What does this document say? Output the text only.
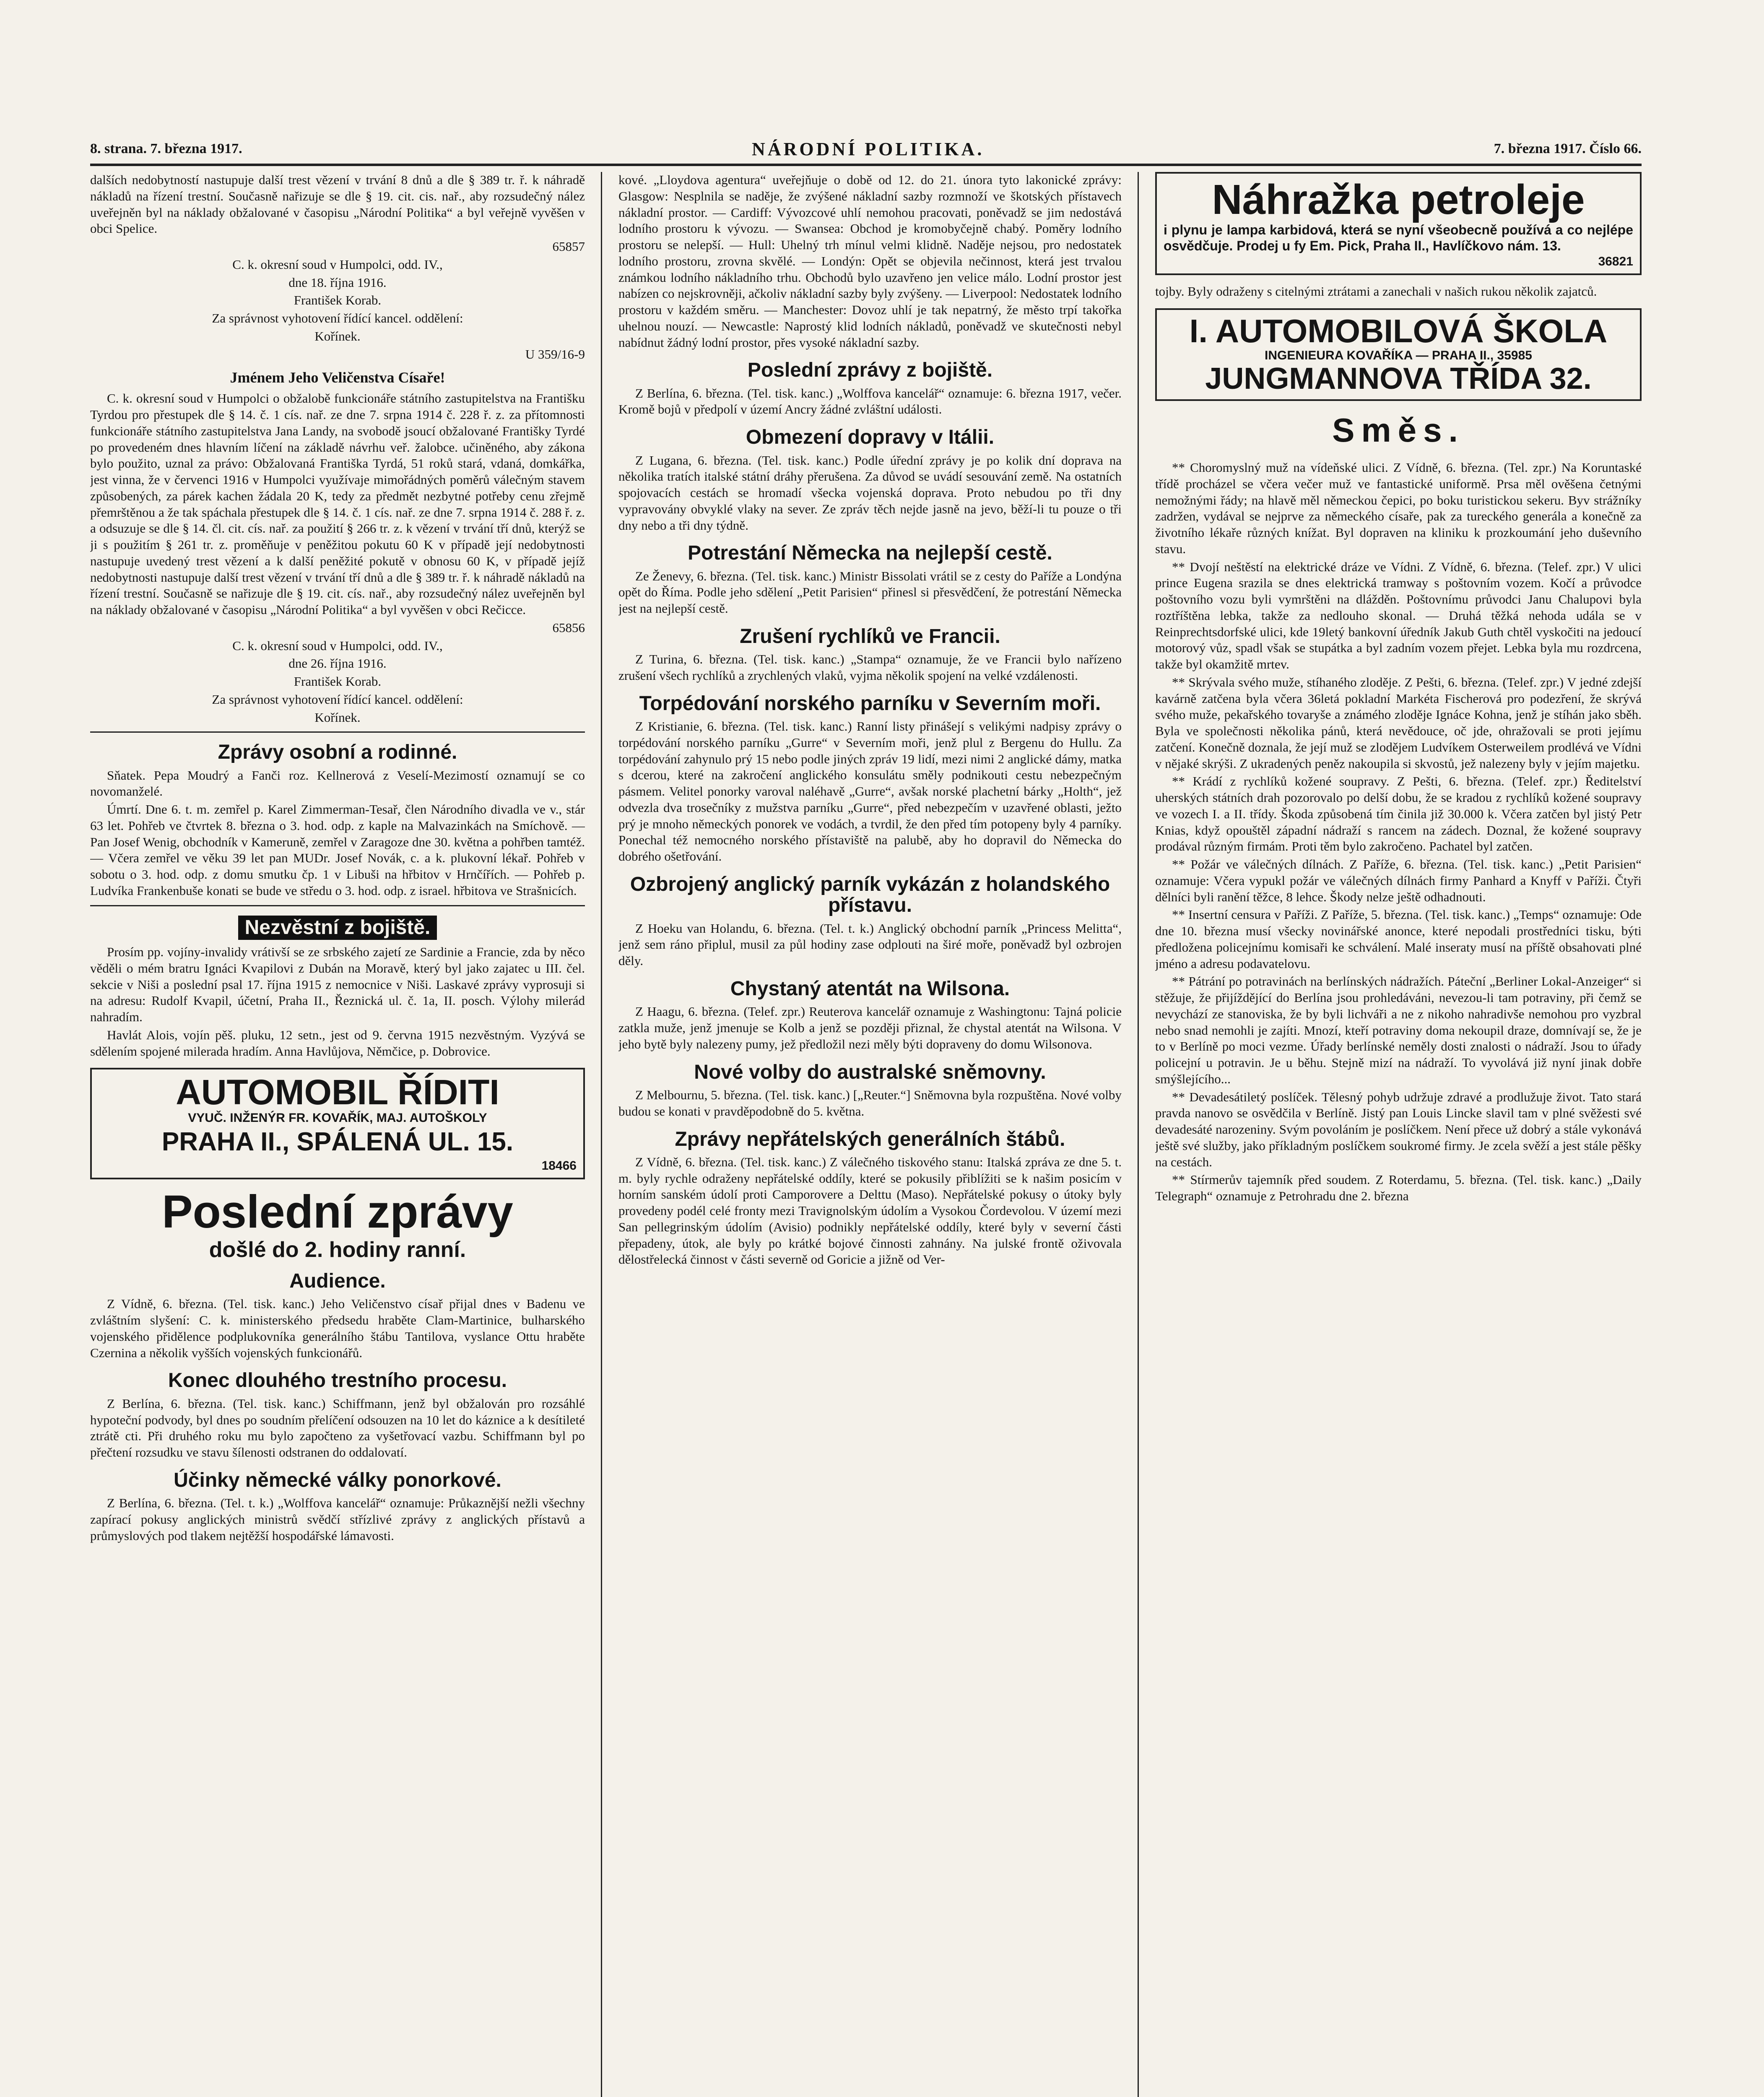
8. strana. 7. března 1917.	NÁRODNÍ POLITIKA.	7. března 1917. Číslo 66.

dalších nedobytností nastupuje další trest vězení v trvání 8 dnů a dle § 389 tr. ř. k náhradě nákladů na řízení trestní. Současně nařizuje se dle § 19. cit. cis. nař., aby rozsudečný nález uveřejněn byl na náklady obžalované v časopisu „Národní Politika“ a byl veřejně vyvěšen v obci Spelice.

65857

C. k. okresní soud v Humpolci, odd. IV.,

dne 18. října 1916.

František Korab.

Za správnost vyhotovení řídící kancel. oddělení:

Kořínek.

U 359/16-9

Jménem Jeho Veličenstva Císaře!

C. k. okresní soud v Humpolci o obžalobě funkcionáře státního zastupitelstva na Františku Tyrdou pro přestupek dle § 14. č. 1 cís. nař. ze dne 7. srpna 1914 č. 228 ř. z. za přítomnosti funkcionáře státního zastupitelstva Jana Landy, na svobodě jsoucí obžalované Františky Tyrdé po provedeném dnes hlavním líčení na základě návrhu veř. žalobce. učiněného, aby zákona bylo použito, uznal za právo: Obžalovaná Františka Tyrdá, 51 roků stará, vdaná, domkářka, jest vinna, že v červenci 1916 v Humpolci využívaje mimořádných poměrů válečným stavem způsobených, za párek kachen žádala 20 K, tedy za předmět nezbytné potřeby cenu zřejmě přemrštěnou a že tak spáchala přestupek dle § 14. č. 1 cís. nař. ze dne 7. srpna 1914 č. 288 ř. z. a odsuzuje se dle § 14. čl. cit. cís. nař. za použití § 266 tr. z. k vězení v trvání tří dnů, kterýž se ji s použitím § 261 tr. z. proměňuje v peněžitou pokutu 60 K v případě její nedobytnosti nastupuje uvedený trest vězení a k další peněžité pokutě v obnosu 60 K, v případě jejíž nedobytnosti nastupuje další trest vězení v trvání tří dnů a dle § 389 tr. ř. k náhradě nákladů na řízení trestní. Současně se nařizuje dle § 19. cit. cís. nař., aby rozsudečný nález uveřejněn byl na náklady obžalované v časopisu „Národní Politika“ a byl vyvěšen v obci Rečicce.

65856

C. k. okresní soud v Humpolci, odd. IV.,

dne 26. října 1916.

František Korab.

Za správnost vyhotovení řídící kancel. oddělení:

Kořínek.

Zprávy osobní a rodinné.

Sňatek. Pepa Moudrý a Fanči roz. Kellnerová z Veselí-Mezimostí oznamují se co novomanželé.

Úmrtí. Dne 6. t. m. zemřel p. Karel Zimmerman-Tesař, člen Národního divadla ve v., stár 63 let. Pohřeb ve čtvrtek 8. března o 3. hod. odp. z kaple na Malvazinkách na Smíchově. — Pan Josef Wenig, obchodník v Kameruně, zemřel v Zaragoze dne 30. května a pohřben tamtéž. — Včera zemřel ve věku 39 let pan MUDr. Josef Novák, c. a k. plukovní lékař. Pohřeb v sobotu o 3. hod. odp. z domu smutku čp. 1 v Libuši na hřbitov v Hrnčířích. — Pohřeb p. Ludvíka Frankenbuše konati se bude ve středu o 3. hod. odp. z israel. hřbitova ve Strašnicích.

Nezvěstní z bojiště.

Prosím pp. vojíny-invalidy vrátivší se ze srbského zajetí ze Sardinie a Francie, zda by něco věděli o mém bratru Ignáci Kvapilovi z Dubán na Moravě, který byl jako zajatec u III. čel. sekcie v Niši a poslední psal 17. října 1915 z nemocnice v Niši. Laskavé zprávy vyprosuji si na adresu: Rudolf Kvapil, účetní, Praha II., Řeznická ul. č. 1a, II. posch. Výlohy milerád nahradím.

Havlát Alois, vojín pěš. pluku, 12 setn., jest od 9. června 1915 nezvěstným. Vyzývá se sdělením spojené milerada hradím. Anna Havlůjova, Němčice, p. Dobrovice.

AUTOMOBIL ŘÍDITI
VYUČ. INŽENÝR FR. KOVAŘÍK, MAJ. AUTOŠKOLY
PRAHA II., SPÁLENÁ UL. 15.
18466
Poslední zprávy
došlé do 2. hodiny ranní.
Audience.

Z Vídně, 6. března. (Tel. tisk. kanc.) Jeho Veličenstvo císař přijal dnes v Badenu ve zvláštním slyšení: C. k. ministerského předsedu hraběte Clam-Martinice, bulharského vojenského přidělence podplukovníka generálního štábu Tantilova, vyslance Ottu hraběte Czernina a několik vyšších vojenských funkcionářů.

Konec dlouhého trestního procesu.

Z Berlína, 6. března. (Tel. tisk. kanc.) Schiffmann, jenž byl obžalován pro rozsáhlé hypoteční podvody, byl dnes po soudním přelíčení odsouzen na 10 let do káznice a k desítileté ztrátě cti. Při druhého roku mu bylo započteno za vyšetřovací vazbu. Schiffmann byl po přečtení rozsudku ve stavu šílenosti odstranen do oddalovatí.

Účinky německé války ponorkové.

Z Berlína, 6. března. (Tel. t. k.) „Wolffova kancelář“ oznamuje: Průkaznější nežli všechny zapírací pokusy anglických ministrů svědčí střízlivé zprávy z anglických přístavů a průmyslových pod tlakem nejtěžší hospodářské lámavosti.

kové. „Lloydova agentura“ uveřejňuje o době od 12. do 21. února tyto lakonické zprávy: Glasgow: Nesplnila se naděje, že zvýšené nákladní sazby rozmnoží ve škotských přístavech nákladní prostor. — Cardiff: Vývozcové uhlí nemohou pracovati, poněvadž se jim nedostává lodního prostoru k vývozu. — Swansea: Obchod je kromobyčejně chabý. Poměry lodního prostoru se nelepší. — Hull: Uhelný trh mínul velmi klidně. Naděje nejsou, pro nedostatek lodního prostoru, zrovna skvělé. — Londýn: Opět se objevila nečinnost, která jest trvalou známkou lodního nákladního trhu. Obchodů bylo uzavřeno jen velice málo. Lodní prostor jest nabízen co nejskrovněji, ačkoliv nákladní sazby byly zvýšeny. — Liverpool: Nedostatek lodního prostoru v každém směru. — Manchester: Dovoz uhlí je tak nepatrný, že město trpí takořka uhelnou nouzí. — Newcastle: Naprostý klid lodních nákladů, poněvadž ve skutečnosti nebyl nabídnut žádný lodní prostor, přes vysoké nákladní sazby.

Poslední zprávy z bojiště.

Z Berlína, 6. března. (Tel. tisk. kanc.) „Wolffova kancelář“ oznamuje: 6. března 1917, večer. Kromě bojů v předpolí v území Ancry žádné zvláštní události.

Obmezení dopravy v Itálii.

Z Lugana, 6. března. (Tel. tisk. kanc.) Podle úřední zprávy je po kolik dní doprava na několika tratích italské státní dráhy přerušena. Za důvod se uvádí sesouvání země. Na ostatních spojovacích cestách se hromadí všecka vojenská doprava. Proto nebudou po tři dny vypravovány obvyklé vlaky na sever. Ze zpráv těch nejde jasně na jevo, běží-li tu pouze o tři dny nebo a tři dny týdně.

Potrestání Německa na nejlepší cestě.

Ze Ženevy, 6. března. (Tel. tisk. kanc.) Ministr Bissolati vrátil se z cesty do Paříže a Londýna opět do Říma. Podle jeho sdělení „Petit Parisien“ přinesl si přesvědčení, že potrestání Německa jest na nejlepší cestě.

Zrušení rychlíků ve Francii.

Z Turina, 6. března. (Tel. tisk. kanc.) „Stampa“ oznamuje, že ve Francii bylo nařízeno zrušení všech rychlíků a zrychlených vlaků, vyjma několik spojení na velké vzdálenosti.

Torpédování norského parníku v Severním moři.

Z Kristianie, 6. března. (Tel. tisk. kanc.) Ranní listy přinášejí s velikými nadpisy zprávy o torpédování norského parníku „Gurre“ v Severním moři, jenž plul z Bergenu do Hullu. Za torpédování zahynulo prý 15 nebo podle jiných zpráv 19 lidí, mezi nimi 2 anglické dámy, matka s dcerou, které na zakročení anglického konsulátu směly podnikouti cestu nebezpečným pásmem. Velitel ponorky varoval naléhavě „Gurre“, avšak norské plachetní bárky „Holth“, jež odvezla dva trosečníky z mužstva parníku „Gurre“, před nebezpečím v uzavřené oblasti, ježto prý je mnoho německých ponorek ve vodách, a tvrdil, že den před tím potopeny byly 4 parníky. Ponechal též nemocného norského přístaviště na palubě, aby ho dopravil do Německa do dobrého ošetřování.

Ozbrojený anglický parník vykázán z holandského přístavu.

Z Hoeku van Holandu, 6. března. (Tel. t. k.) Anglický obchodní parník „Princess Melitta“, jenž sem ráno připlul, musil za půl hodiny zase odplouti na širé moře, poněvadž byl ozbrojen děly.

Chystaný atentát na Wilsona.

Z Haagu, 6. března. (Telef. zpr.) Reuterova kancelář oznamuje z Washingtonu: Tajná policie zatkla muže, jenž jmenuje se Kolb a jenž se později přiznal, že chystal atentát na Wilsona. V jeho bytě byly nalezeny pumy, jež předložil nezi měly býti dopraveny do domu Wilsonova.

Nové volby do australské sněmovny.

Z Melbournu, 5. března. (Tel. tisk. kanc.) [„Reuter.“] Sněmovna byla rozpuštěna. Nové volby budou se konati v pravděpodobně do 5. května.

Zprávy nepřátelských generálních štábů.

Z Vídně, 6. března. (Tel. tisk. kanc.) Z válečného tiskového stanu: Italská zpráva ze dne 5. t. m. byly rychle odraženy nepřátelské oddíly, které se pokusily přiblížiti se k našim posicím v horním sanském údolí proti Camporovere a Delttu (Maso). Nepřátelské pokusy o útoky byly provedeny podél celé fronty mezi Travignolským údolím a Vysokou Čordevolou. V území mezi San pellegrinským údolím (Avisio) podnikly nepřátelské oddíly, které byly v severní části přepadeny, útok, ale byly po krátké bojové činnosti zahnány. Na julské frontě oživovala dělostřelecká činnost v části severně od Goricie a jižně od Ver-

Náhražka petroleje
i plynu je lampa karbidová, která se nyní všeobecně používá a co nejlépe osvědčuje. Prodej u fy Em. Pick, Praha II., Havlíčkovo nám. 13.
36821

tojby. Byly odraženy s citelnými ztrátami a zanechali v našich rukou několik zajatců.

I. AUTOMOBILOVÁ ŠKOLA
INGENIEURA KOVAŘÍKA — PRAHA II., 35985
JUNGMANNOVA TŘÍDA 32.
Směs.

** Choromyslný muž na vídeňské ulici. Z Vídně, 6. března. (Tel. zpr.) Na Koruntaské třídě procházel se včera večer muž ve fantastické uniformě. Prsa měl ověšena četnými nemožnými řády; na hlavě měl německou čepici, po boku turistickou sekeru. Byv strážníky zadržen, vydával se nejprve za německého císaře, pak za tureckého generála a konečně za životního lékaře různých knížat. Byl dopraven na kliniku k prozkoumání jeho duševního stavu.

** Dvojí neštěstí na elektrické dráze ve Vídni. Z Vídně, 6. března. (Telef. zpr.) V ulici prince Eugena srazila se dnes elektrická tramway s poštovním vozem. Kočí a průvodce poštovního vozu byli vymrštěni na dlážděn. Poštovnímu průvodci Janu Chalupovi byla roztříštěna lebka, takže za nedlouho skonal. — Druhá těžká nehoda udála se v Reinprechtsdorfské ulici, kde 19letý bankovní úředník Jakub Guth chtěl vyskočiti na jedoucí motorový vůz, spadl však se stupátka a byl zadním vozem přejet. Lebka byla mu rozdrcena, takže byl okamžitě mrtev.

** Skrývala svého muže, stíhaného zloděje. Z Pešti, 6. března. (Telef. zpr.) V jedné zdejší kavárně zatčena byla včera 36letá pokladní Markéta Fischerová pro podezření, že skrývá svého muže, pekařského tovaryše a známého zloděje Ignáce Kohna, jenž je stíhán jako sběh. Byla ve společnosti několika pánů, která nevědouce, oč jde, ohražovali se proti jejímu zatčení. Konečně doznala, že její muž se zlodějem Ludvíkem Osterweilem prodlévá ve Vídni v nějaké skrýši. Z ukradených peněz nakoupila si skvostů, jež nalezeny byly v jejím majetku.

** Krádí z rychlíků kožené soupravy. Z Pešti, 6. března. (Telef. zpr.) Ředitelství uherských státních drah pozorovalo po delší dobu, že se kradou z rychlíků kožené soupravy ve vozech I. a II. třídy. Škoda způsobená tím činila již 30.000 k. Včera zatčen byl jistý Petr Knias, když opouštěl západní nádraží s rancem na zádech. Doznal, že kožené soupravy prodával různým firmám. Proti těm bylo zakročeno. Pachatel byl zatčen.

** Požár ve válečných dílnách. Z Paříže, 6. března. (Tel. tisk. kanc.) „Petit Parisien“ oznamuje: Včera vypukl požár ve válečných dílnách firmy Panhard a Knyff v Paříži. Čtyři dělníci byli ranění těžce, 8 lehce. Škody nelze ještě odhadnouti.

** Insertní censura v Paříži. Z Paříže, 5. března. (Tel. tisk. kanc.) „Temps“ oznamuje: Ode dne 10. března musí všecky novinářské anonce, které nepodali prostředníci tisku, býti předložena policejnímu komisaři ke schválení. Malé inseraty musí na příště obsahovati plné jméno a adresu podavatelovu.

** Pátrání po potravinách na berlínských nádražích. Páteční „Berliner Lokal-Anzeiger“ si stěžuje, že přijíždějící do Berlína jsou prohledáváni, nevezou-li tam potraviny, při čemž se nevychází ze stanoviska, že by byli lichváři a ne z nikoho nahradivše nemohou pro vyzbral nebo snad nemohli je zajíti. Mnozí, kteří potraviny doma nekoupil draze, domnívají se, že je to v Berlíně po moci vezme. Úřady berlínské neměly dosti znalosti o nádraží. Jsou to úřady policejní u potravin. Je u běhu. Stejně mizí na nádraží. To vyvolává již nyní jinak dobře smýšlejícího...

** Devadesátiletý poslíček. Tělesný pohyb udržuje zdravé a prodlužuje život. Tato stará pravda nanovo se osvědčila v Berlíně. Jistý pan Louis Lincke slavil tam v plné svěžesti své devadesáté narozeniny. Svým povoláním je poslíčkem. Není přece už dobrý a stále vykonává ještě své služby, jako příkladným poslíčkem soukromé firmy. Je zcela svěží a jest stále pěšky na cestách.

** Stírmerův tajemník před soudem. Z Roterdamu, 5. března. (Tel. tisk. kanc.) „Daily Telegraph“ oznamuje z Petrohradu dne 2. března
